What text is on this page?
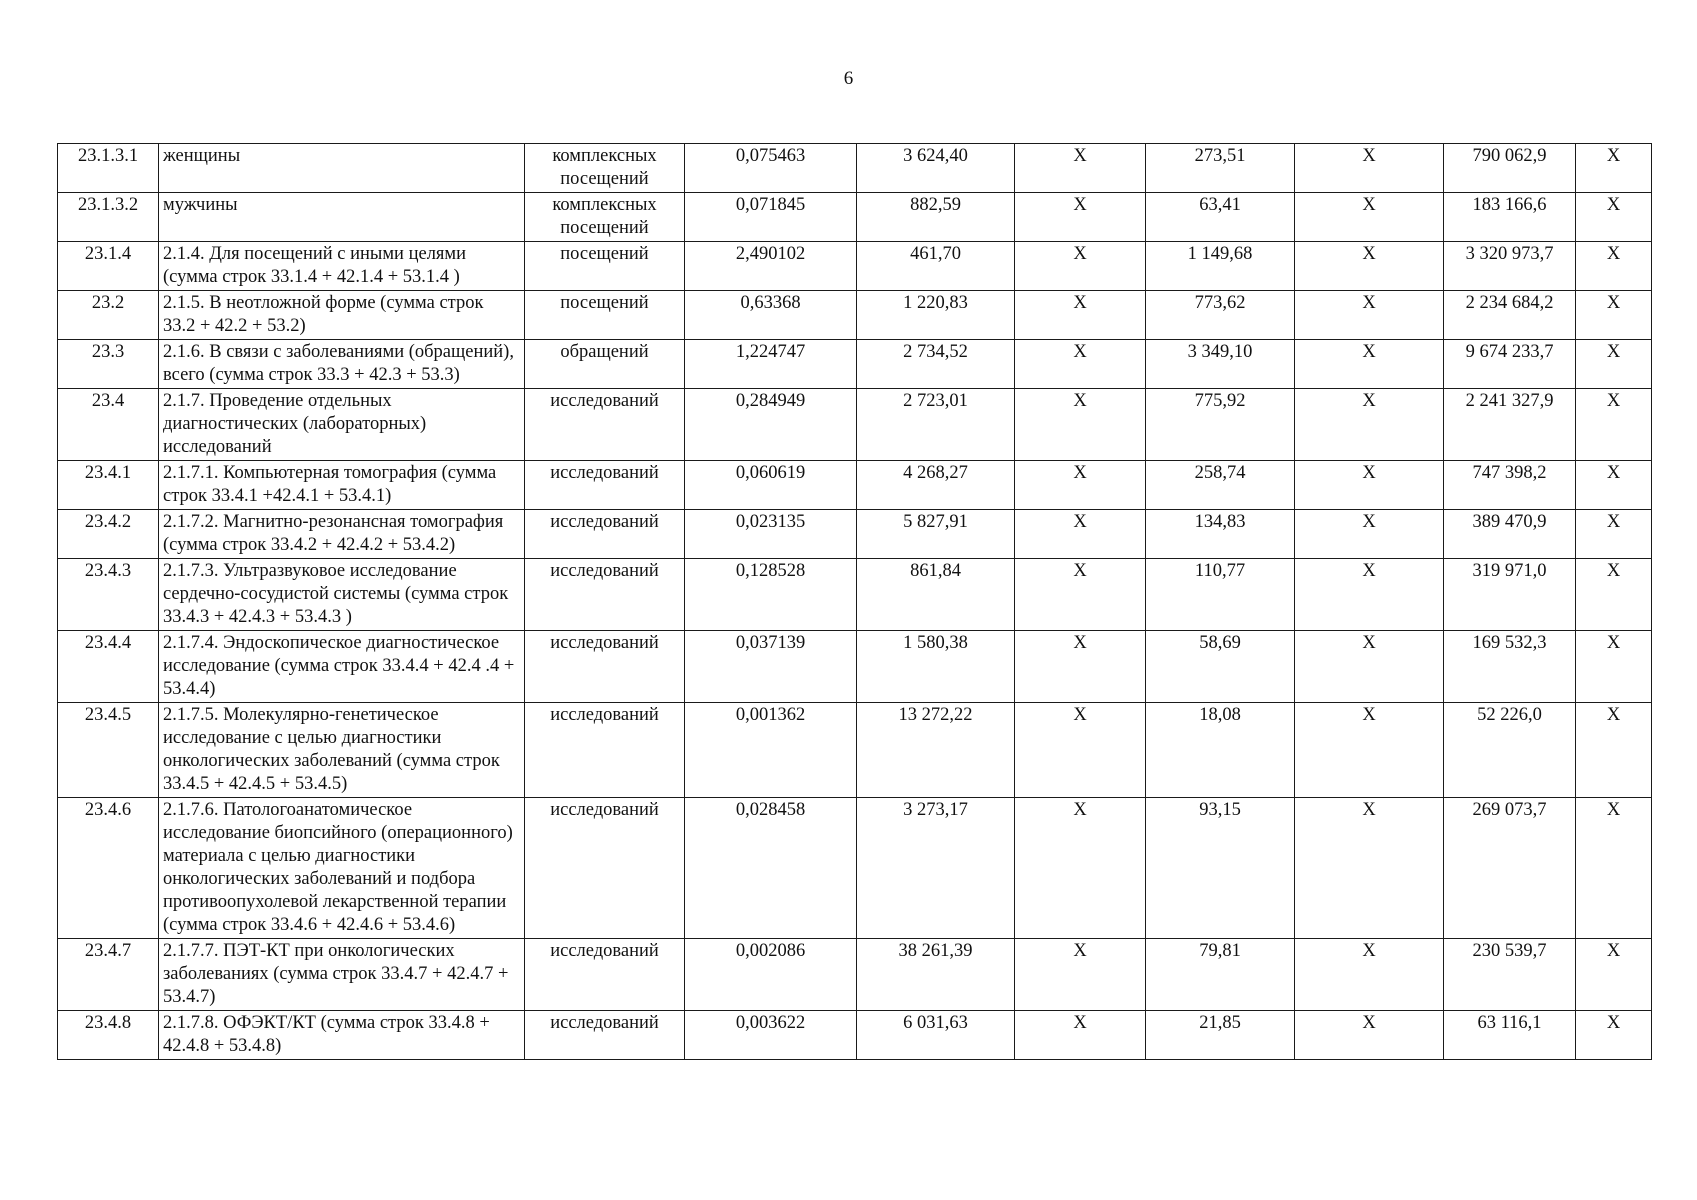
6
23.1.3.1	женщины	комплексных посещений	0,075463	3 624,40	Х	273,51	Х	790 062,9	Х
23.1.3.2	мужчины	комплексных посещений	0,071845	882,59	Х	63,41	Х	183 166,6	Х
23.1.4	2.1.4. Для посещений с иными целями (сумма строк 33.1.4 + 42.1.4 + 53.1.4 )	посещений	2,490102	461,70	Х	1 149,68	Х	3 320 973,7	Х
23.2	2.1.5. В неотложной форме (сумма строк 33.2 + 42.2 + 53.2)	посещений	0,63368	1 220,83	Х	773,62	Х	2 234 684,2	Х
23.3	2.1.6. В связи с заболеваниями (обращений), всего (сумма строк 33.3 + 42.3 + 53.3)	обращений	1,224747	2 734,52	Х	3 349,10	Х	9 674 233,7	Х
23.4	2.1.7. Проведение отдельных диагностических (лабораторных) исследований	исследований	0,284949	2 723,01	Х	775,92	Х	2 241 327,9	Х
23.4.1	2.1.7.1. Компьютерная томография (сумма строк 33.4.1 +42.4.1 + 53.4.1)	исследований	0,060619	4 268,27	Х	258,74	Х	747 398,2	Х
23.4.2	2.1.7.2. Магнитно-резонансная томография (сумма строк 33.4.2 + 42.4.2 + 53.4.2)	исследований	0,023135	5 827,91	Х	134,83	Х	389 470,9	Х
23.4.3	2.1.7.3. Ультразвуковое исследование сердечно-сосудистой системы (сумма строк 33.4.3 + 42.4.3 + 53.4.3 )	исследований	0,128528	861,84	Х	110,77	Х	319 971,0	Х
23.4.4	2.1.7.4. Эндоскопическое диагностическое исследование (сумма строк 33.4.4 + 42.4 .4 + 53.4.4)	исследований	0,037139	1 580,38	Х	58,69	Х	169 532,3	Х
23.4.5	2.1.7.5. Молекулярно-генетическое исследование с целью диагностики онкологических заболеваний (сумма строк 33.4.5 + 42.4.5 + 53.4.5)	исследований	0,001362	13 272,22	Х	18,08	Х	52 226,0	Х
23.4.6	2.1.7.6. Патологоанатомическое исследование биопсийного (операционного) материала с целью диагностики онкологических заболеваний и подбора противоопухолевой лекарственной терапии (сумма строк 33.4.6 + 42.4.6 + 53.4.6)	исследований	0,028458	3 273,17	Х	93,15	Х	269 073,7	Х
23.4.7	2.1.7.7. ПЭТ-КТ при онкологических заболеваниях (сумма строк 33.4.7 + 42.4.7 + 53.4.7)	исследований	0,002086	38 261,39	Х	79,81	Х	230 539,7	Х
23.4.8	2.1.7.8. ОФЭКТ/КТ (сумма строк 33.4.8 + 42.4.8 + 53.4.8)	исследований	0,003622	6 031,63	Х	21,85	Х	63 116,1	Х
